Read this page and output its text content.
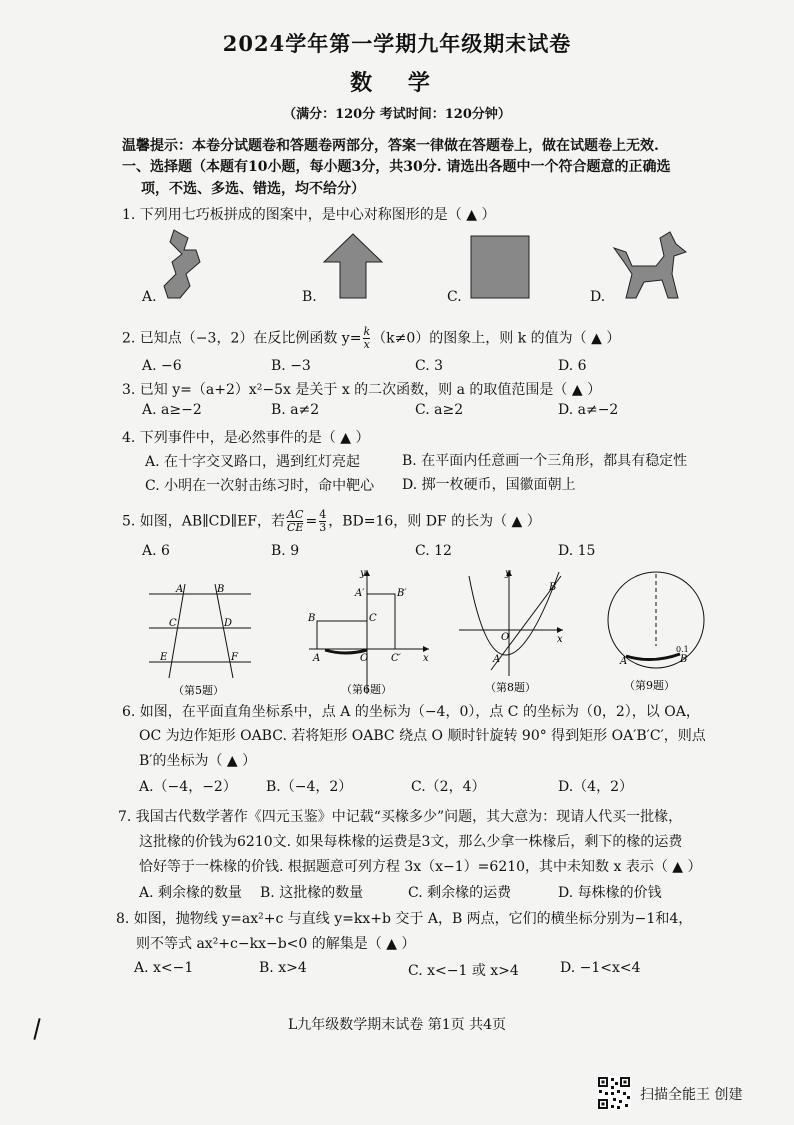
2024学年第一学期九年级期末试卷
数 学
（满分：120分 考试时间：120分钟）
温馨提示：本卷分试题卷和答题卷两部分，答案一律做在答题卷上，做在试题卷上无效.
一、选择题（本题有10小题，每小题3分，共30分. 请选出各题中一个符合题意的正确选
项，不选、多选、错选，均不给分）
1. 下列用七巧板拼成的图案中，是中心对称图形的是（ ▲ ）
A.	B.	C.	D.
2. 已知点（−3，2）在反比例函数 $y= \frac{k}{x} (k\ne 0)$的图象上，则 k 的值为（ ▲ ）
A. −6	B. −3	C. 3	D. 6
3. 已知 y=（a+2）x²−5x 是关于 x 的二次函数，则 a 的取值范围是（ ▲ ）
A. a≥−2	B. a≠2	C. a≥2	D. a≠−2
4. 下列事件中，是必然事件的是（ ▲ ）
A. 在十字交叉路口，遇到红灯亮起	B. 在平面内任意画一个三角形，都具有稳定性
C. 小明在一次射击练习时，命中靶心 D. 掷一枚硬币，国徽面朝上
5. 如图，AB∥CD∥EF，若 $\frac{AC}{CE} = \frac{4}{3}$ ，BD=16，则 DF 的长为（ ▲ ）
A. 6	B. 9	C. 12	D. 15
A	B
C	D
E	F
（第5题）
A′	B′
B	C
A	O C′ x
y
（第6题）
y
x
O
A
B
（第8题）
A	B
0.1
（第9题）
6. 如图，在平面直角坐标系中，点 A 的坐标为（−4，0），点 C 的坐标为（0，2），以 OA，
OC 为边作矩形 OABC. 若将矩形 OABC 绕点 O 顺时针旋转 90° 得到矩形 OA′B′C′，则点
B′的坐标为（ ▲ ）
A.（−4，−2） B.（−4，2）	C.（2，4）	D.（4，2）
7. 我国古代数学著作《四元玉鉴》中记载“买椽多少”问题，其大意为：现请人代买一批椽，
这批椽的价钱为6210文. 如果每株椽的运费是3文，那么少拿一株椽后，剩下的椽的运费
恰好等于一株椽的价钱. 根据题意可列方程 3x（x−1）=6210，其中未知数 x 表示（ ▲ ）
A. 剩余椽的数量 B. 这批椽的数量	C. 剩余椽的运费	D. 每株椽的价钱
8. 如图，抛物线 y=ax²+c 与直线 y=kx+b 交于 A，B 两点，它们的横坐标分别为−1和4，
则不等式 ax²+c−kx−b<0 的解集是（ ▲ ）
A. x<−1	B. x>4	C. x<−1 或 x>4	D. −1<x<4
L九年级数学期末试卷 第1页 共4页
扫描全能王 创建
